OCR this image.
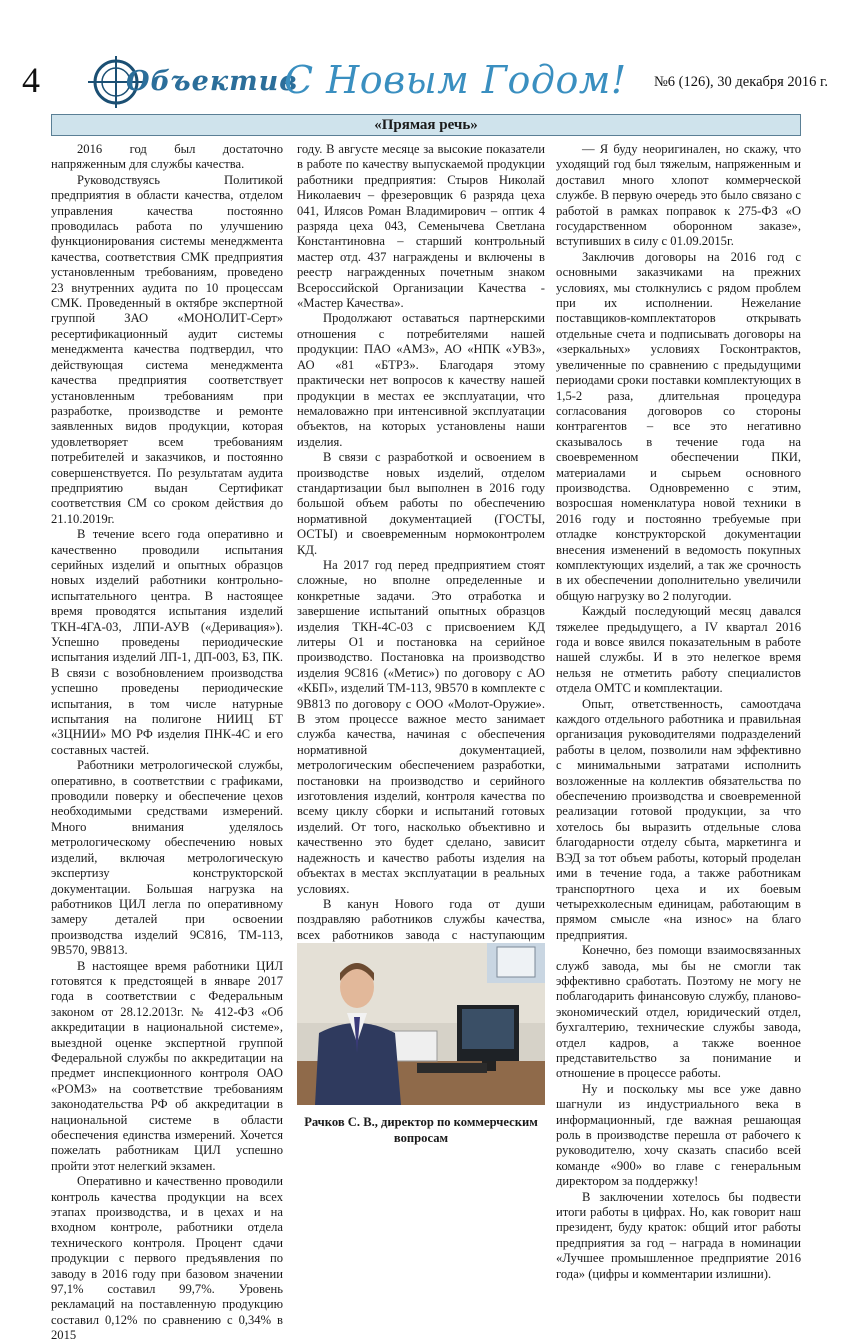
4	Объектив
С Новым Годом! №6 (126), 30 декабря 2016 г.
«Прямая речь»

2016 год был достаточно напряженным для службы качества.

Руководствуясь Политикой предприятия в области качества, отделом управления качества постоянно проводилась работа по улучшению функционирования системы менеджмента качества, соответствия СМК предприятия установленным требованиям, проведено 23 внутренних аудита по 10 процессам СМК. Проведенный в октябре экспертной группой ЗАО «МОНОЛИТ-Серт» ресертификационный аудит системы менеджмента качества подтвердил, что действующая система менеджмента качества предприятия соответствует установленным требованиям при разработке, производстве и ремонте заявленных видов продукции, которая удовлетворяет всем требованиям потребителей и заказчиков, и постоянно совершенствуется. По результатам аудита предприятию выдан Сертификат соответствия СМ со сроком действия до 21.10.2019г.

В течение всего года оперативно и качественно проводили испытания серийных изделий и опытных образцов новых изделий работники контрольно-испытательного центра. В настоящее время проводятся испытания изделий ТКН-4ГА-03, ЛПИ-АУВ («Деривация»). Успешно проведены периодические испытания изделий ЛП-1, ДП-003, БЗ, ПК. В связи с возобновлением производства успешно проведены периодические испытания, в том числе натурные испытания на полигоне НИИЦ БТ «ЗЦНИИ» МО РФ изделия ПНК-4С и его составных частей.

Работники метрологической службы, оперативно, в соответствии с графиками, проводили поверку и обеспечение цехов необходимыми средствами измерений. Много внимания уделялось метрологическому обеспечению новых изделий, включая метрологическую экспертизу конструкторской документации. Большая нагрузка на работников ЦИЛ легла по оперативному замеру деталей при освоении производства изделий 9С816, ТМ-113, 9В570, 9В813.

В настоящее время работники ЦИЛ готовятся к предстоящей в январе 2017 года в соответствии с Федеральным законом от 28.12.2013г. № 412-ФЗ «Об аккредитации в национальной системе», выездной оценке экспертной группой Федеральной службы по аккредитации на предмет инспекционного контроля ОАО «РОМЗ» на соответствие требованиям законодательства РФ об аккредитации в национальной системе в области обеспечения единства измерений. Хочется пожелать работникам ЦИЛ успешно пройти этот нелегкий экзамен.

Оперативно и качественно проводили контроль качества продукции на всех этапах производства, и в цехах и на входном контроле, работники отдела технического контроля. Процент сдачи продукции с первого предъявления по заводу в 2016 году при базовом значении 97,1% составил 99,7%. Уровень рекламаций на поставленную продукцию составил 0,12% по сравнению с 0,34% в 2015

году. В августе месяце за высокие показатели в работе по качеству выпускаемой продукции работники предприятия: Стыров Николай Николаевич – фрезеровщик 6 разряда цеха 041, Илясов Роман Владимирович – оптик 4 разряда цеха 043, Семенычева Светлана Константиновна – старший контрольный мастер отд. 437 награждены и включены в реестр награжденных почетным знаком Всероссийской Организации Качества - «Мастер Качества».

Продолжают оставаться партнерскими отношения с потребителями нашей продукции: ПАО «АМЗ», АО «НПК «УВЗ», АО «81 «БТРЗ». Благодаря этому практически нет вопросов к качеству нашей продукции в местах ее эксплуатации, что немаловажно при интенсивной эксплуатации объектов, на которых установлены наши изделия.

В связи с разработкой и освоением в производстве новых изделий, отделом стандартизации был выполнен в 2016 году большой объем работы по обеспечению нормативной документацией (ГОСТЫ, ОСТЫ) и своевременным нормоконтролем КД.

На 2017 год перед предприятием стоят сложные, но вполне определенные и конкретные задачи. Это отработка и завершение испытаний опытных образцов изделия ТКН-4С-03 с присвоением КД литеры О1 и постановка на серийное производство. Постановка на производство изделия 9С816 («Метис») по договору с АО «КБП», изделий ТМ-113, 9В570 в комплекте с 9В813 по договору с ООО «Молот-Оружие». В этом процессе важное место занимает служба качества, начиная с обеспечения нормативной документацией, метрологическим обеспечением разработки, постановки на производство и серийного изготовления изделий, контроля качества по всему циклу сборки и испытаний готовых изделий. От того, насколько объективно и качественно это будет сделано, зависит надежность и качество работы изделия на объектах в местах эксплуатации в реальных условиях.

В канун Нового года от души поздравляю работников службы качества, всех работников завода с наступающим

— Я буду неоригинален, но скажу, что уходящий год был тяжелым, напряженным и доставил много хлопот коммерческой службе. В первую очередь это было связано с работой в рамках поправок к 275-ФЗ «О государственном оборонном заказе», вступивших в силу с 01.09.2015г.

Заключив договоры на 2016 год с основными заказчиками на прежних условиях, мы столкнулись с рядом проблем при их исполнении. Нежелание поставщиков-комплектаторов открывать отдельные счета и подписывать договоры на «зеркальных» условиях Госконтрактов, увеличенные по сравнению с предыдущими периодами сроки поставки комплектующих в 1,5-2 раза, длительная процедура согласования договоров со стороны контрагентов – все это негативно сказывалось в течение года на своевременном обеспечении ПКИ, материалами и сырьем основного производства. Одновременно с этим, возросшая номенклатура новой техники в 2016 году и постоянно требуемые при отладке конструкторской документации внесения изменений в ведомость покупных комплектующих изделий, а так же срочность в их обеспечении дополнительно увеличили общую нагрузку во 2 полугодии.

Каждый последующий месяц давался тяжелее предыдущего, а IV квартал 2016 года и вовсе явился показательным в работе нашей службы. И в это нелегкое время нельзя не отметить работу специалистов отдела ОМТС и комплектации.

Опыт, ответственность, самоотдача каждого отдельного работника и правильная организация руководителями подразделений работы в целом, позволили нам эффективно с минимальными затратами исполнить возложенные на коллектив обязательства по обеспечению производства и своевременной реализации готовой продукции, за что хотелось бы выразить отдельные слова благодарности отделу сбыта, маркетинга и ВЭД за тот объем работы, который проделан ими в течение года, а также работникам транспортного цеха и их боевым четырехколесным единицам, работающим в прямом смысле «на износ» на благо предприятия.

Конечно, без помощи взаимосвязанных служб завода, мы бы не смогли так эффективно сработать. Поэтому не могу не поблагодарить финансовую службу, планово-экономический отдел, юридический отдел, бухгалтерию, технические службы завода, отдел кадров, а также военное представительство за понимание и отношение в процессе работы.

Ну и поскольку мы все уже давно шагнули из индустриального века в информационный, где важная решающая роль в производстве перешла от рабочего к руководителю, хочу сказать спасибо всей команде «900» во главе с генеральным директором за поддержку!

В заключении хотелось бы подвести итоги работы в цифрах. Но, как говорит наш президент, буду краток: общий итог работы предприятия за год – награда в номинации «Лучшее промышленное предприятие 2016 года» (цифры и комментарии излишни).

Рачков С. В., директор по коммерческим вопросам
